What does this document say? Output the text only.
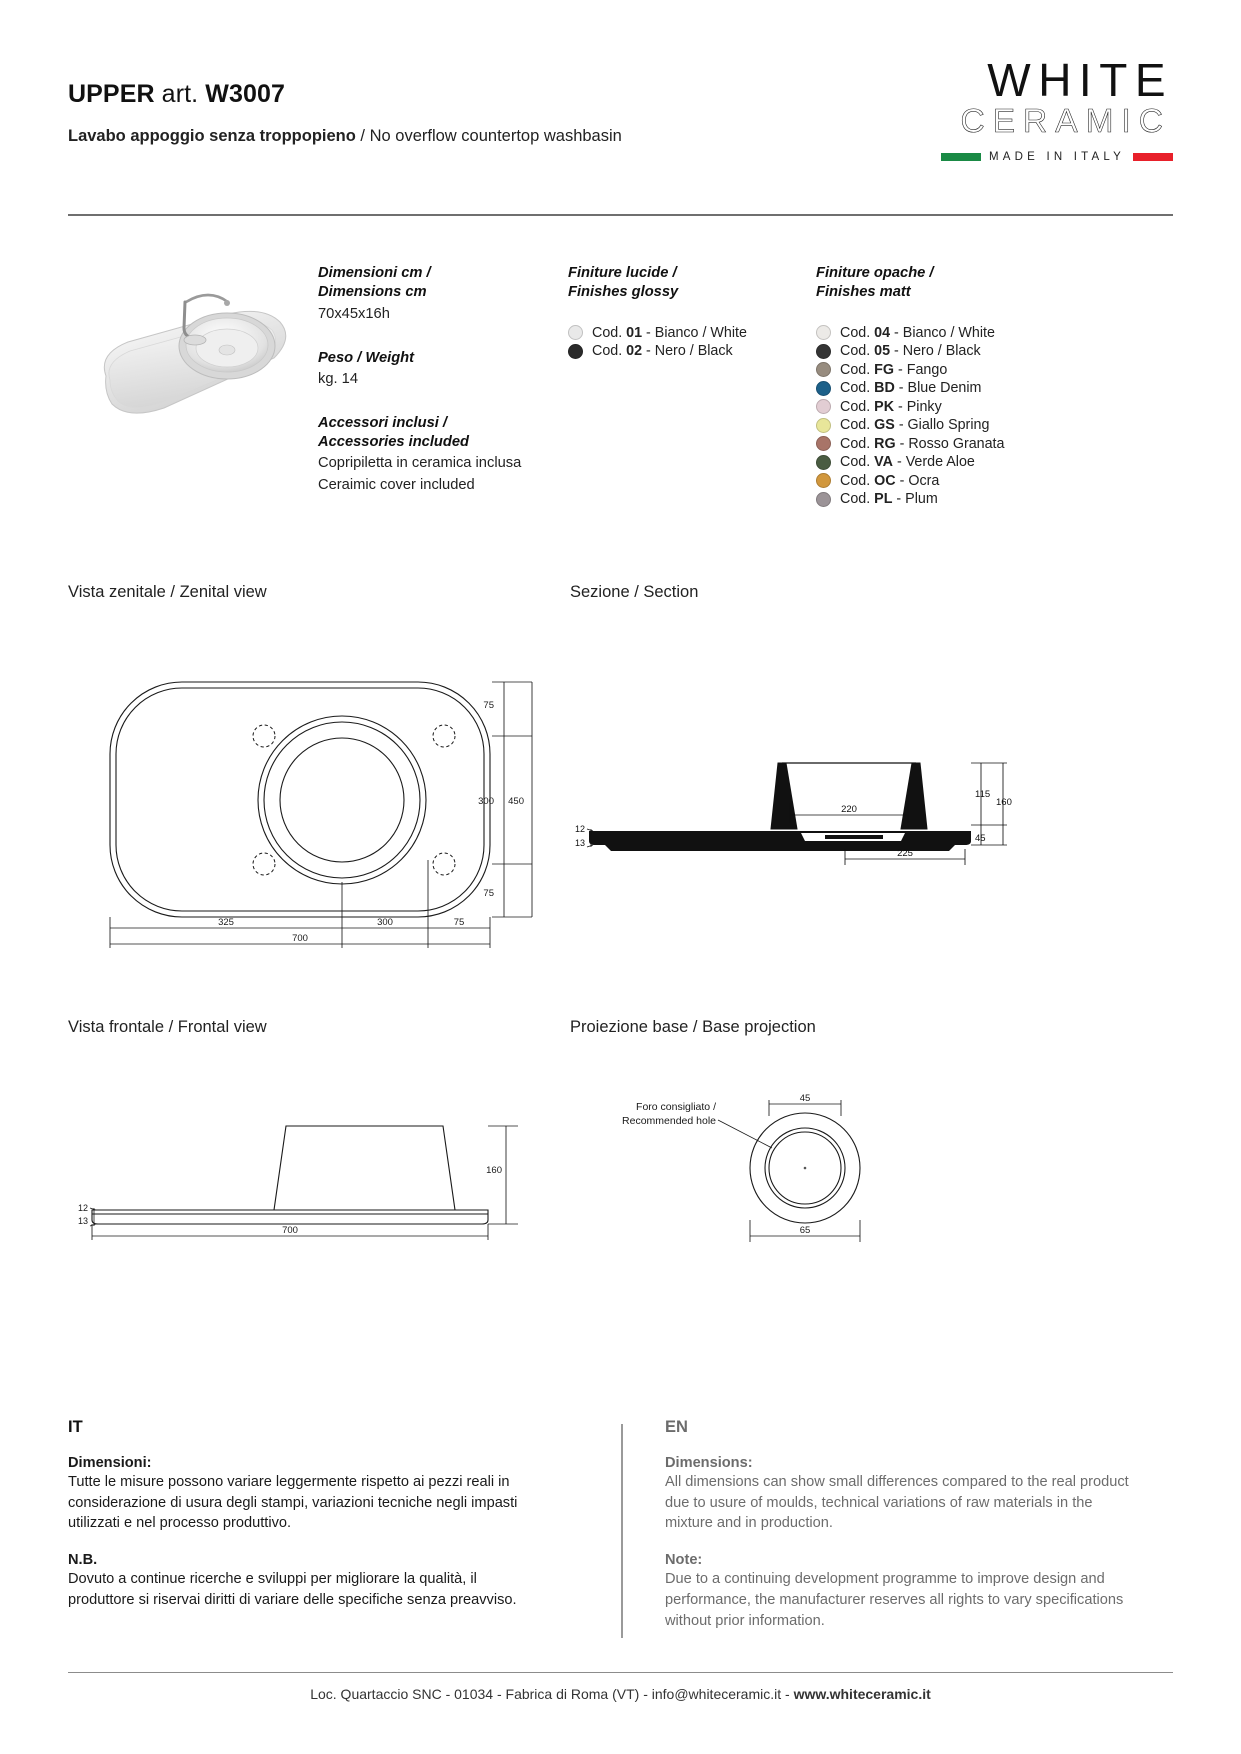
UPPER art. W3007
Lavabo appoggio senza troppopieno / No overflow countertop washbasin
WHITE
CERAMIC
MADE IN ITALY
Dimensioni cm /
Dimensions cm
70x45x16h
Peso / Weight
kg. 14
Accessori inclusi /
Accessories included
Copripiletta in ceramica inclusa
Ceraimic cover included
Finiture lucide /
Finishes glossy
Cod. 01 - Bianco / White
Cod. 02 - Nero / Black
Finiture opache /
Finishes matt
Cod. 04 - Bianco / White
Cod. 05 - Nero / Black
Cod. FG - Fango
Cod. BD - Blue Denim
Cod. PK - Pinky
Cod. GS - Giallo Spring
Cod. RG - Rosso Granata
Cod. VA - Verde Aloe
Cod. OC - Ocra
Cod. PL - Plum
Vista zenitale / Zenital view
75
300 450
75
325	300	75
700
Sezione / Section
220
225
115
160
45
12
13
Vista frontale / Frontal view
160
700
12
13
Proiezione base / Base projection
Foro consigliato /
Recommended hole
45
65
IT
Dimensioni:
Tutte le misure possono variare leggermente rispetto ai pezzi reali in considerazione di usura degli stampi, variazioni tecniche negli impasti utilizzati e nel processo produttivo.
N.B.
Dovuto a continue ricerche e sviluppi per migliorare la qualità, il produttore si riservai diritti di variare delle specifiche senza preavviso.
EN
Dimensions:
All dimensions can show small differences compared to the real product due to usure of moulds, technical variations of raw materials in the mixture and in production.
Note:
Due to a continuing development programme to improve design and performance, the manufacturer reserves all rights to vary specifications without prior information.
Loc. Quartaccio SNC - 01034 - Fabrica di Roma (VT) - info@whiteceramic.it - www.whiteceramic.it
